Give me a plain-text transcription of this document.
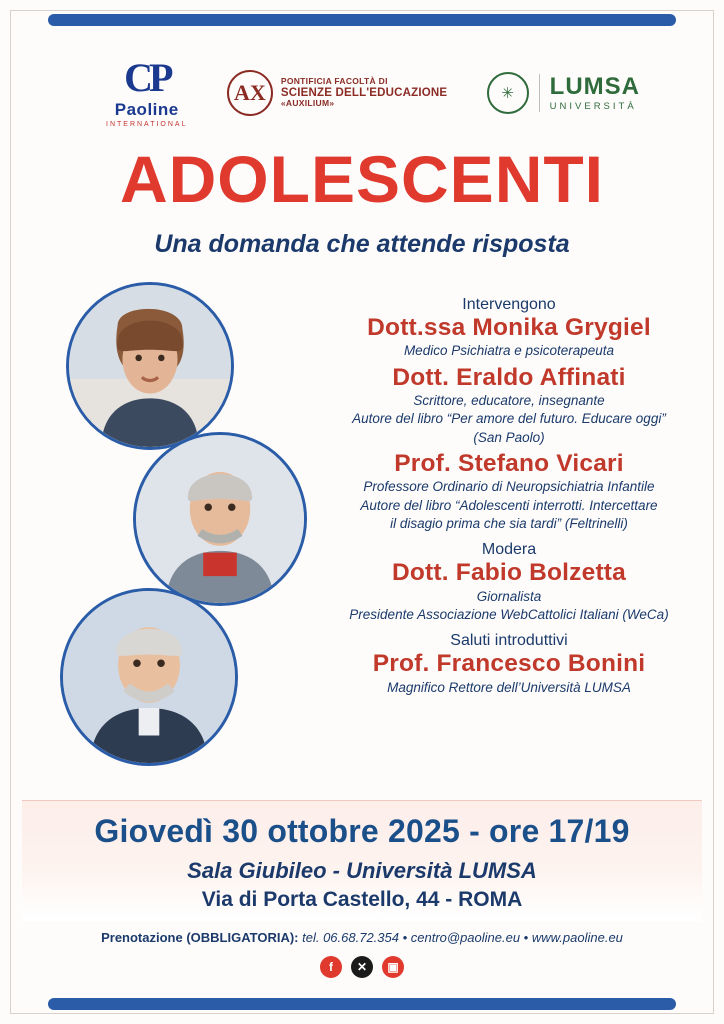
CP
Paoline
INTERNATIONAL
AX	PONTIFICIA FACOLTÀ DI
SCIENZE DELL'EDUCAZIONE
«AUXILIUM»
✳	LUMSA
UNIVERSITÀ
ADOLESCENTI
Una domanda che attende risposta
Intervengono
Dott.ssa Monika Grygiel
Medico Psichiatra e psicoterapeuta
Dott. Eraldo Affinati
Scrittore, educatore, insegnante
Autore del libro “Per amore del futuro. Educare oggi”
(San Paolo)
Prof. Stefano Vicari
Professore Ordinario di Neuropsichiatria Infantile
Autore del libro “Adolescenti interrotti. Intercettare
il disagio prima che sia tardi” (Feltrinelli)
Modera
Dott. Fabio Bolzetta
Giornalista
Presidente Associazione WebCattolici Italiani (WeCa)
Saluti introduttivi
Prof. Francesco Bonini
Magnifico Rettore dell’Università LUMSA
Giovedì 30 ottobre 2025 - ore 17/19
Sala Giubileo - Università LUMSA
Via di Porta Castello, 44 - ROMA
Prenotazione (OBBLIGATORIA): tel. 06.68.72.354 • centro@paoline.eu • www.paoline.eu
f	✕	▣
